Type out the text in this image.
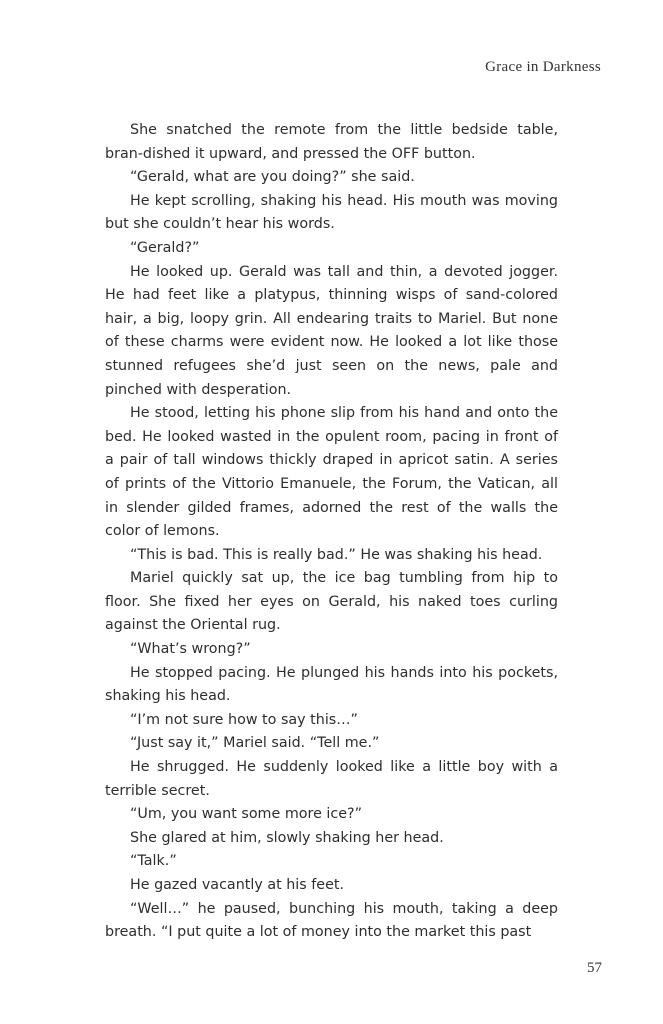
Grace in Darkness

She snatched the remote from the little bedside table, bran-dished it upward, and pressed the OFF button.

“Gerald, what are you doing?” she said.

He kept scrolling, shaking his head. His mouth was moving but she couldn’t hear his words.

“Gerald?”

He looked up. Gerald was tall and thin, a devoted jogger. He had feet like a platypus, thinning wisps of sand-colored hair, a big, loopy grin. All endearing traits to Mariel. But none of these charms were evident now. He looked a lot like those stunned refugees she’d just seen on the news, pale and pinched with desperation.

He stood, letting his phone slip from his hand and onto the bed. He looked wasted in the opulent room, pacing in front of a pair of tall windows thickly draped in apricot satin. A series of prints of the Vittorio Emanuele, the Forum, the Vatican, all in slender gilded frames, adorned the rest of the walls the color of lemons.

“This is bad. This is really bad.” He was shaking his head.

Mariel quickly sat up, the ice bag tumbling from hip to floor. She fixed her eyes on Gerald, his naked toes curling against the Oriental rug.

“What’s wrong?”

He stopped pacing. He plunged his hands into his pockets, shaking his head.

“I’m not sure how to say this…”

“Just say it,” Mariel said. “Tell me.”

He shrugged. He suddenly looked like a little boy with a terrible secret.

“Um, you want some more ice?”

She glared at him, slowly shaking her head.

“Talk.”

He gazed vacantly at his feet.

“Well…” he paused, bunching his mouth, taking a deep breath. “I put quite a lot of money into the market this past

57
